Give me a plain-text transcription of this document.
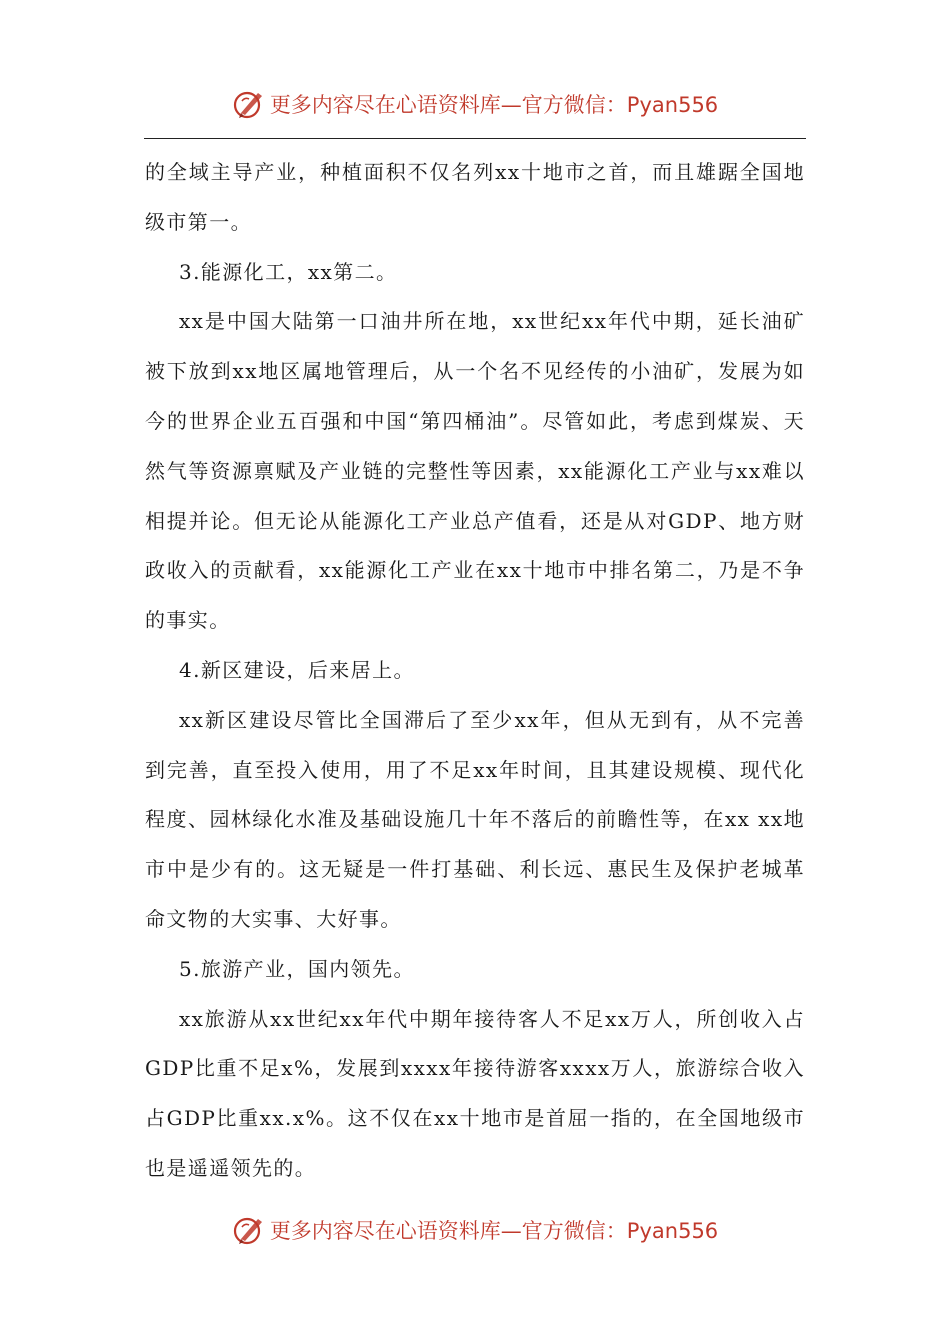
更多内容尽在心语资料库—官方微信：Pyan556

的全域主导产业，种植面积不仅名列xx十地市之首，而且雄踞全国地级市第一。

3.能源化工，xx第二。

xx是中国大陆第一口油井所在地，xx世纪xx年代中期，延长油矿被下放到xx地区属地管理后，从一个名不见经传的小油矿，发展为如今的世界企业五百强和中国“第四桶油”。尽管如此，考虑到煤炭、天然气等资源禀赋及产业链的完整性等因素，xx能源化工产业与xx难以相提并论。但无论从能源化工产业总产值看，还是从对GDP、地方财政收入的贡献看，xx能源化工产业在xx十地市中排名第二，乃是不争的事实。

4.新区建设，后来居上。

xx新区建设尽管比全国滞后了至少xx年，但从无到有，从不完善到完善，直至投入使用，用了不足xx年时间，且其建设规模、现代化程度、园林绿化水准及基础设施几十年不落后的前瞻性等，在xx xx地市中是少有的。这无疑是一件打基础、利长远、惠民生及保护老城革命文物的大实事、大好事。

5.旅游产业，国内领先。

xx旅游从xx世纪xx年代中期年接待客人不足xx万人，所创收入占GDP比重不足x%，发展到xxxx年接待游客xxxx万人，旅游综合收入占GDP比重xx.x%。这不仅在xx十地市是首屈一指的，在全国地级市也是遥遥领先的。

更多内容尽在心语资料库—官方微信：Pyan556
